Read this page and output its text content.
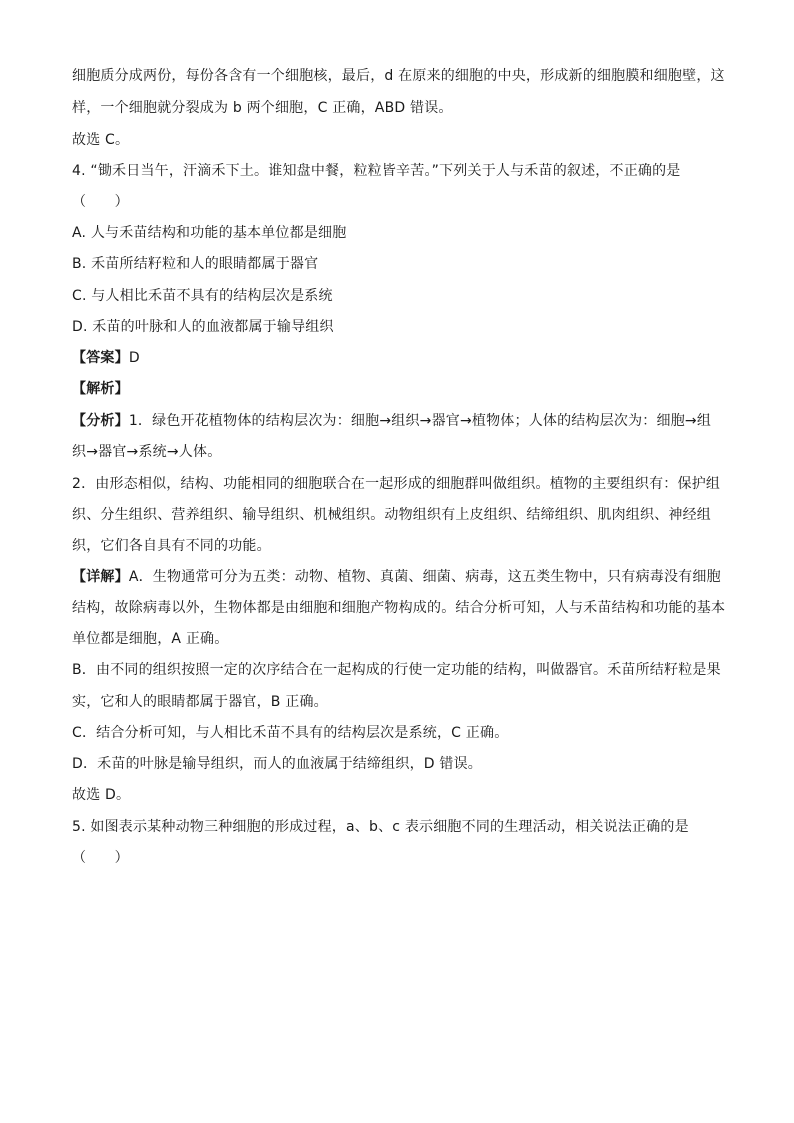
细胞质分成两份，每份各含有一个细胞核，最后，d 在原来的细胞的中央，形成新的细胞膜和细胞壁，这
样，一个细胞就分裂成为 b 两个细胞，C 正确，ABD 错误。
故选 C。
4. “锄禾日当午，汗滴禾下土。谁知盘中餐，粒粒皆辛苦。”下列关于人与禾苗的叙述，不正确的是
（　　）
A. 人与禾苗结构和功能的基本单位都是细胞
B. 禾苗所结籽粒和人的眼睛都属于器官
C. 与人相比禾苗不具有的结构层次是系统
D. 禾苗的叶脉和人的血液都属于输导组织
【答案】D
【解析】
【分析】1．绿色开花植物体的结构层次为：细胞→组织→器官→植物体；人体的结构层次为：细胞→组
织→器官→系统→人体。
2．由形态相似，结构、功能相同的细胞联合在一起形成的细胞群叫做组织。植物的主要组织有：保护组
织、分生组织、营养组织、输导组织、机械组织。动物组织有上皮组织、结缔组织、肌肉组织、神经组
织，它们各自具有不同的功能。
【详解】A．生物通常可分为五类：动物、植物、真菌、细菌、病毒，这五类生物中，只有病毒没有细胞
结构，故除病毒以外，生物体都是由细胞和细胞产物构成的。结合分析可知，人与禾苗结构和功能的基本
单位都是细胞，A 正确。
B．由不同的组织按照一定的次序结合在一起构成的行使一定功能的结构，叫做器官。禾苗所结籽粒是果
实，它和人的眼睛都属于器官，B 正确。
C．结合分析可知，与人相比禾苗不具有的结构层次是系统，C 正确。
D．禾苗的叶脉是输导组织，而人的血液属于结缔组织，D 错误。
故选 D。
5. 如图表示某种动物三种细胞的形成过程，a、b、c 表示细胞不同的生理活动，相关说法正确的是
（　　）
